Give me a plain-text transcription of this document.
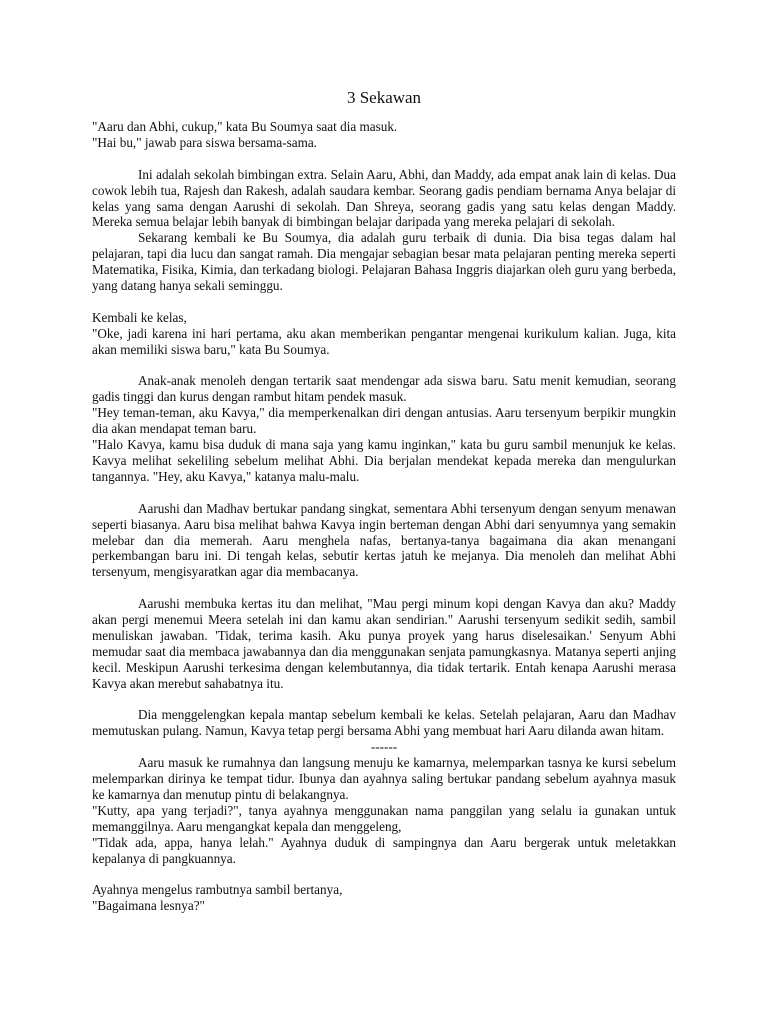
3 Sekawan

"Aaru dan Abhi, cukup," kata Bu Soumya saat dia masuk.

"Hai bu," jawab para siswa bersama-sama.

Ini adalah sekolah bimbingan extra. Selain Aaru, Abhi, dan Maddy, ada empat anak lain di kelas. Dua cowok lebih tua, Rajesh dan Rakesh, adalah saudara kembar. Seorang gadis pendiam bernama Anya belajar di kelas yang sama dengan Aarushi di sekolah. Dan Shreya, seorang gadis yang satu kelas dengan Maddy. Mereka semua belajar lebih banyak di bimbingan belajar daripada yang mereka pelajari di sekolah.

Sekarang kembali ke Bu Soumya, dia adalah guru terbaik di dunia. Dia bisa tegas dalam hal pelajaran, tapi dia lucu dan sangat ramah. Dia mengajar sebagian besar mata pelajaran penting mereka seperti Matematika, Fisika, Kimia, dan terkadang biologi. Pelajaran Bahasa Inggris diajarkan oleh guru yang berbeda, yang datang hanya sekali seminggu.

Kembali ke kelas,

"Oke, jadi karena ini hari pertama, aku akan memberikan pengantar mengenai kurikulum kalian. Juga, kita akan memiliki siswa baru," kata Bu Soumya.

Anak-anak menoleh dengan tertarik saat mendengar ada siswa baru. Satu menit kemudian, seorang gadis tinggi dan kurus dengan rambut hitam pendek masuk.

"Hey teman-teman, aku Kavya," dia memperkenalkan diri dengan antusias. Aaru tersenyum berpikir mungkin dia akan mendapat teman baru.

"Halo Kavya, kamu bisa duduk di mana saja yang kamu inginkan," kata bu guru sambil menunjuk ke kelas. Kavya melihat sekeliling sebelum melihat Abhi. Dia berjalan mendekat kepada mereka dan mengulurkan tangannya. "Hey, aku Kavya," katanya malu-malu.

Aarushi dan Madhav bertukar pandang singkat, sementara Abhi tersenyum dengan senyum menawan seperti biasanya. Aaru bisa melihat bahwa Kavya ingin berteman dengan Abhi dari senyumnya yang semakin melebar dan dia memerah. Aaru menghela nafas, bertanya-tanya bagaimana dia akan menangani perkembangan baru ini. Di tengah kelas, sebutir kertas jatuh ke mejanya. Dia menoleh dan melihat Abhi tersenyum, mengisyaratkan agar dia membacanya.

Aarushi membuka kertas itu dan melihat, "Mau pergi minum kopi dengan Kavya dan aku? Maddy akan pergi menemui Meera setelah ini dan kamu akan sendirian." Aarushi tersenyum sedikit sedih, sambil menuliskan jawaban. 'Tidak, terima kasih. Aku punya proyek yang harus diselesaikan.' Senyum Abhi memudar saat dia membaca jawabannya dan dia menggunakan senjata pamungkasnya. Matanya seperti anjing kecil. Meskipun Aarushi terkesima dengan kelembutannya, dia tidak tertarik. Entah kenapa Aarushi merasa Kavya akan merebut sahabatnya itu.

Dia menggelengkan kepala mantap sebelum kembali ke kelas. Setelah pelajaran, Aaru dan Madhav memutuskan pulang. Namun, Kavya tetap pergi bersama Abhi yang membuat hari Aaru dilanda awan hitam.

------

Aaru masuk ke rumahnya dan langsung menuju ke kamarnya, melemparkan tasnya ke kursi sebelum melemparkan dirinya ke tempat tidur. Ibunya dan ayahnya saling bertukar pandang sebelum ayahnya masuk ke kamarnya dan menutup pintu di belakangnya.

"Kutty, apa yang terjadi?", tanya ayahnya menggunakan nama panggilan yang selalu ia gunakan untuk memanggilnya. Aaru mengangkat kepala dan menggeleng,

"Tidak ada, appa, hanya lelah." Ayahnya duduk di sampingnya dan Aaru bergerak untuk meletakkan kepalanya di pangkuannya.

Ayahnya mengelus rambutnya sambil bertanya,

"Bagaimana lesnya?"
